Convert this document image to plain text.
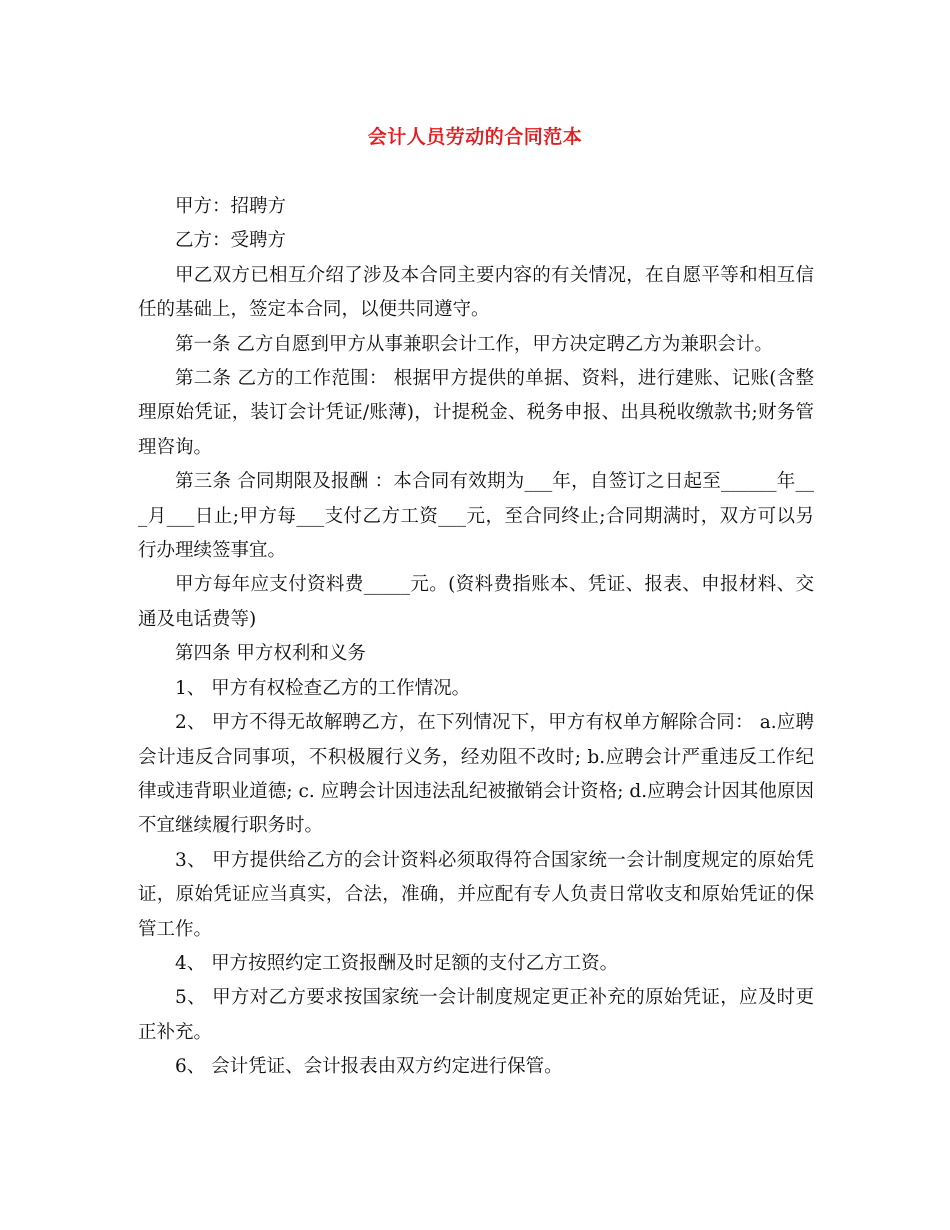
会计人员劳动的合同范本

甲方：招聘方

乙方：受聘方

甲乙双方已相互介绍了涉及本合同主要内容的有关情况，在自愿平等和相互信任的基础上，签定本合同，以便共同遵守。

第一条 乙方自愿到甲方从事兼职会计工作，甲方决定聘乙方为兼职会计。

第二条 乙方的工作范围： 根据甲方提供的单据、资料，进行建账、记账(含整理原始凭证，装订会计凭证/账薄)，计提税金、税务申报、出具税收缴款书;财务管理咨询。

第三条 合同期限及报酬 ：本合同有效期为___年，自签订之日起至______年___月___日止;甲方每___支付乙方工资___元，至合同终止;合同期满时，双方可以另行办理续签事宜。

甲方每年应支付资料费_____元。(资料费指账本、凭证、报表、申报材料、交通及电话费等)

第四条 甲方权利和义务

1、 甲方有权检查乙方的工作情况。

2、 甲方不得无故解聘乙方，在下列情况下，甲方有权单方解除合同： a.应聘会计违反合同事项，不积极履行义务，经劝阻不改时; b.应聘会计严重违反工作纪律或违背职业道德; c. 应聘会计因违法乱纪被撤销会计资格; d.应聘会计因其他原因不宜继续履行职务时。

3、 甲方提供给乙方的会计资料必须取得符合国家统一会计制度规定的原始凭证，原始凭证应当真实，合法，准确，并应配有专人负责日常收支和原始凭证的保管工作。

4、 甲方按照约定工资报酬及时足额的支付乙方工资。

5、 甲方对乙方要求按国家统一会计制度规定更正补充的原始凭证，应及时更正补充。

6、 会计凭证、会计报表由双方约定进行保管。
